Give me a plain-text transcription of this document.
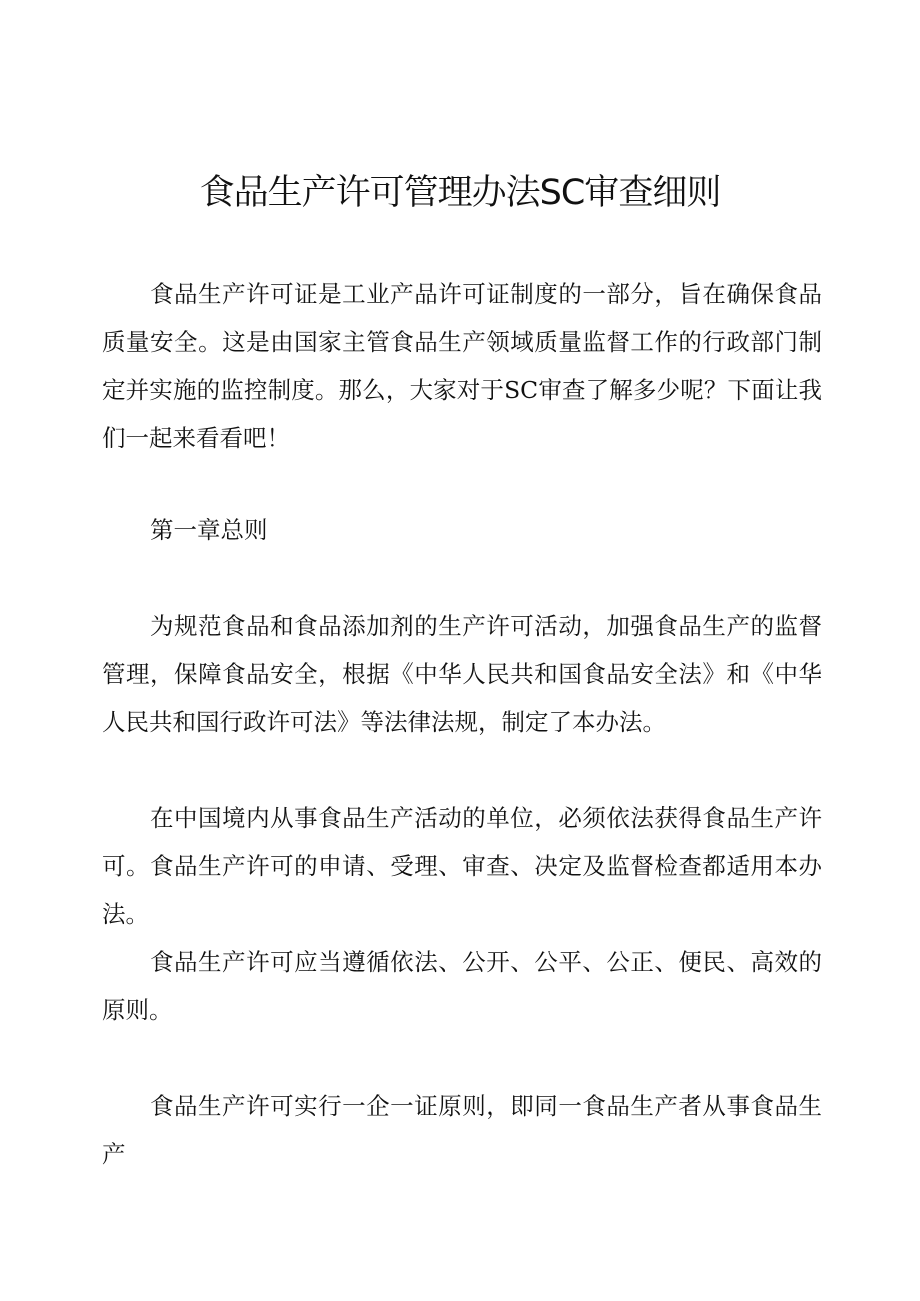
食品生产许可管理办法SC审查细则

食品生产许可证是工业产品许可证制度的一部分，旨在确保食品质量安全。这是由国家主管食品生产领域质量监督工作的行政部门制定并实施的监控制度。那么，大家对于SC审查了解多少呢？下面让我们一起来看看吧！

第一章总则

为规范食品和食品添加剂的生产许可活动，加强食品生产的监督管理，保障食品安全，根据《中华人民共和国食品安全法》和《中华人民共和国行政许可法》等法律法规，制定了本办法。

在中国境内从事食品生产活动的单位，必须依法获得食品生产许可。食品生产许可的申请、受理、审查、决定及监督检查都适用本办法。

食品生产许可应当遵循依法、公开、公平、公正、便民、高效的原则。

食品生产许可实行一企一证原则，即同一食品生产者从事食品生产
